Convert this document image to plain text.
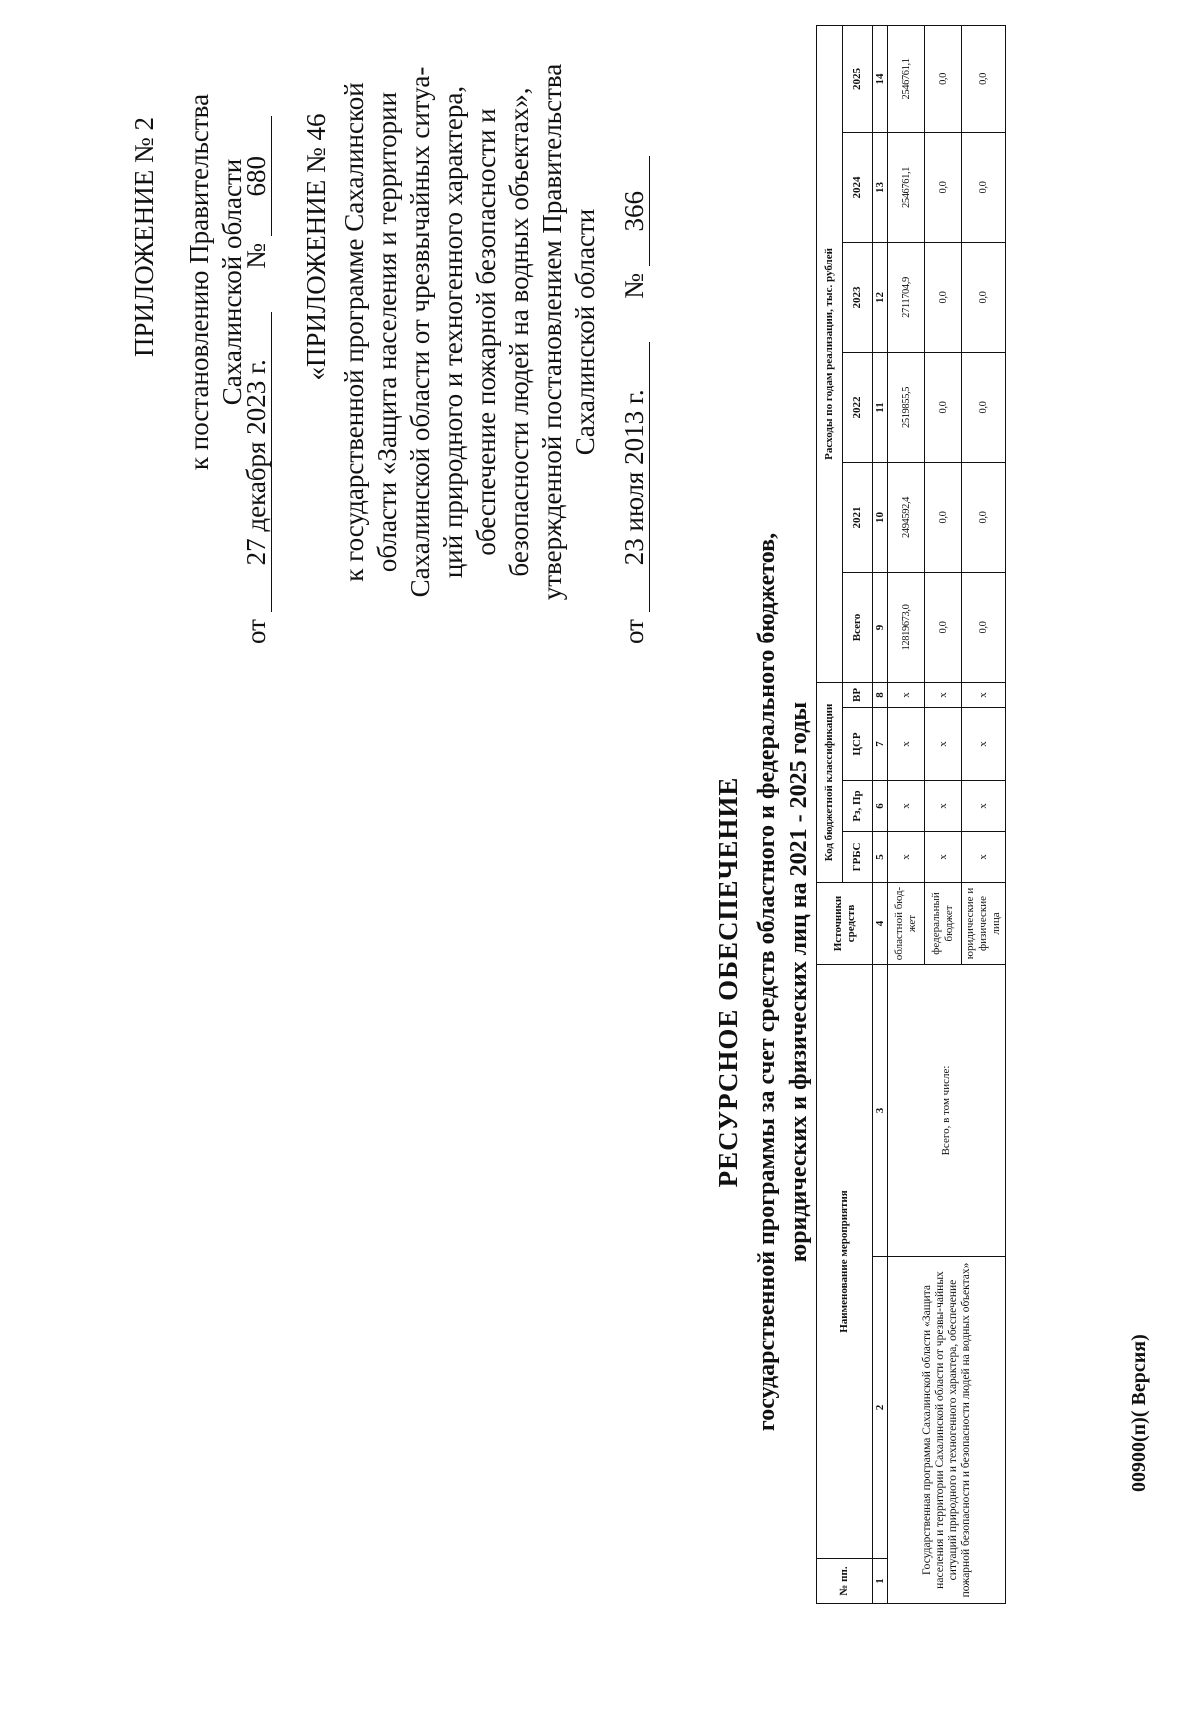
ПРИЛОЖЕНИЕ № 2 к постановлению Правительства Сахалинской области
от 27 декабря 2023 г.  № 680 «ПРИЛОЖЕНИЕ № 46 к государственной программе Сахалинской области «Защита населения и территории Сахалинской области от чрезвычайных ситуа- ций природного и техногенного характера, обеспечение пожарной безопасности и безопасности людей на водных объектах», утвержденной постановлением Правительства Сахалинской области
от 23 июля 2013 г.  № 366
РЕСУРСНОЕ ОБЕСПЕЧЕНИЕ государственной программы за счет средств областного и федерального бюджетов, юридических и физических лиц на 2021 - 2025 годы
№ пп.	Наименование мероприятия		Источники средств	Код бюджетной классификации				Расходы по годам реализации, тыс. рублей					
				ГРБС	Рз, Пр	ЦСР	ВР	Всего	2021	2022	2023	2024	2025
1	2	3	4	5	6	7	8	9	10	11	12	13	14
Государственная программа Сахалинской области «Защита населения и территории Сахалинской области от чрезвы-чайных ситуаций природного и техногенного характера, обеспечение пожарной безопасности и безопасности людей на водных объектах»		Всего, в том числе:	областной бюд-жет	х	х	х	х	12819673,0	2494592,4	2519855,5	2711704,9	2546761,1	2546761,1
			федеральный бюджет	х	х	х	х	0,0	0,0	0,0	0,0	0,0	0,0
			юридические и физические лица	х	х	х	х	0,0	0,0	0,0	0,0	0,0	0,0
00900(п)( Версия)
